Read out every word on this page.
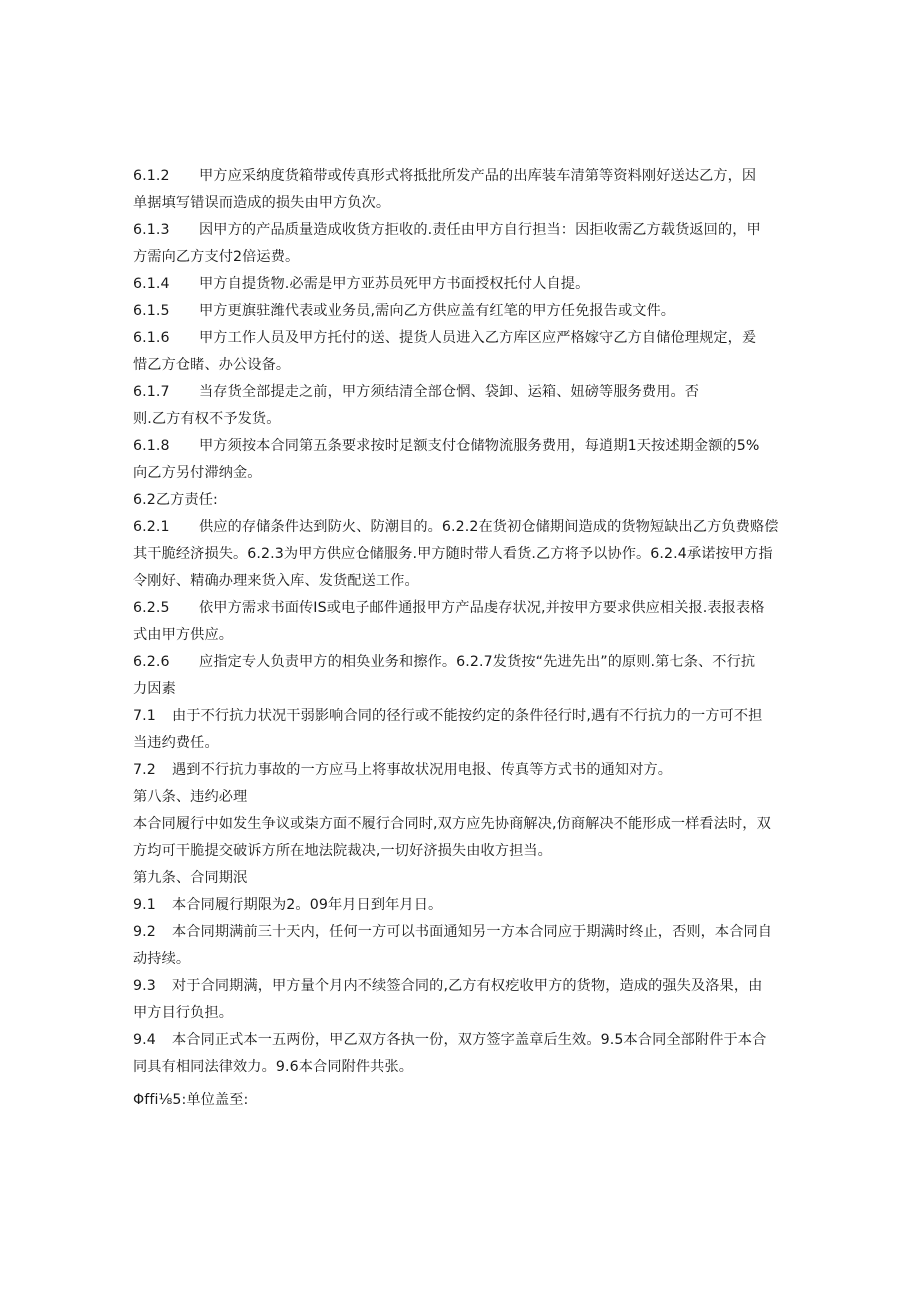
6.1.2 甲方应采纳度货箱带或传真形式将抵批所发产品的出库装车清第等资料刚好送达乙方，因
单据填写错误而造成的损失由甲方负次。
6.1.3 因甲方的产品质量造成收货方拒收的.责任由甲方自行担当：因拒收需乙方载货返回的，甲
方需向乙方支付2倍运费。
6.1.4 甲方自提货物.必需是甲方亚苏员死甲方书面授权托付人自提。
6.1.5 甲方更旗驻潍代表或业务员,需向乙方供应盖有红笔的甲方任免报告或文件。
6.1.6 甲方工作人员及甲方托付的送、提货人员进入乙方库区应严格嫁守乙方自储伧理规定，爰
惜乙方仓睹、办公设备。
6.1.7 当存货全部提走之前，甲方须结清全部仓惘、袋卸、运箱、妞磅等服务费用。否
则.乙方有权不予发货。
6.1.8 甲方须按本合同第五条要求按时足额支付仓储物流服务费用，每逍期1天按述期金额的5%
向乙方另付滞纳金。
6.2乙方责任:
6.2.1 供应的存储条件达到防火、防潮目的。6.2.2在货初仓储期间造成的货物短缺出乙方负费赂偿
其干脆经济损失。6.2.3为甲方供应仓储服务.甲方随时带人看货.乙方将予以协作。6.2.4承诺按甲方指
令刚好、精确办理来货入库、发货配送工作。
6.2.5 依甲方需求书面传IS或电子邮件通报甲方产品虔存状况,并按甲方要求供应相关报.表报表格
式由甲方供应。
6.2.6 应指定专人负责甲方的相奂业务和擦作。6.2.7发货按“先进先出”的原则.第七条、不行抗
力因素
7.1 由于不行抗力状况干弱影响合同的径行或不能按约定的条件径行时,遇有不行抗力的一方可不担
当违约费任。
7.2 遇到不行抗力事故的一方应马上将事故状况用电报、传真等方式书的通知对方。
第八条、违约必理
本合同履行中如发生争议或柒方面不履行合同时,双方应先协商解决,仿商解决不能形成一样看法时，双
方均可干脆提交破诉方所在地法院裁决,一切好济损失由收方担当。
第九条、合同期泯
9.1 本合同履行期限为2。09年月日到年月日。
9.2 本合同期满前三十天内，任何一方可以书面通知另一方本合同应于期满时终止，否则，本合同自
动持续。
9.3 对于合同期满，甲方量个月内不续签合同的,乙方有权疙收甲方的货物，造成的强失及洛果，由
甲方目行负担。
9.4 本合同正式本一五两份，甲乙双方各执一份，双方签字盖章后生效。9.5本合同全部附件于本合
同具有相同法律效力。9.6本合同附件共张。
Φffi⅛5:单位盖至:
